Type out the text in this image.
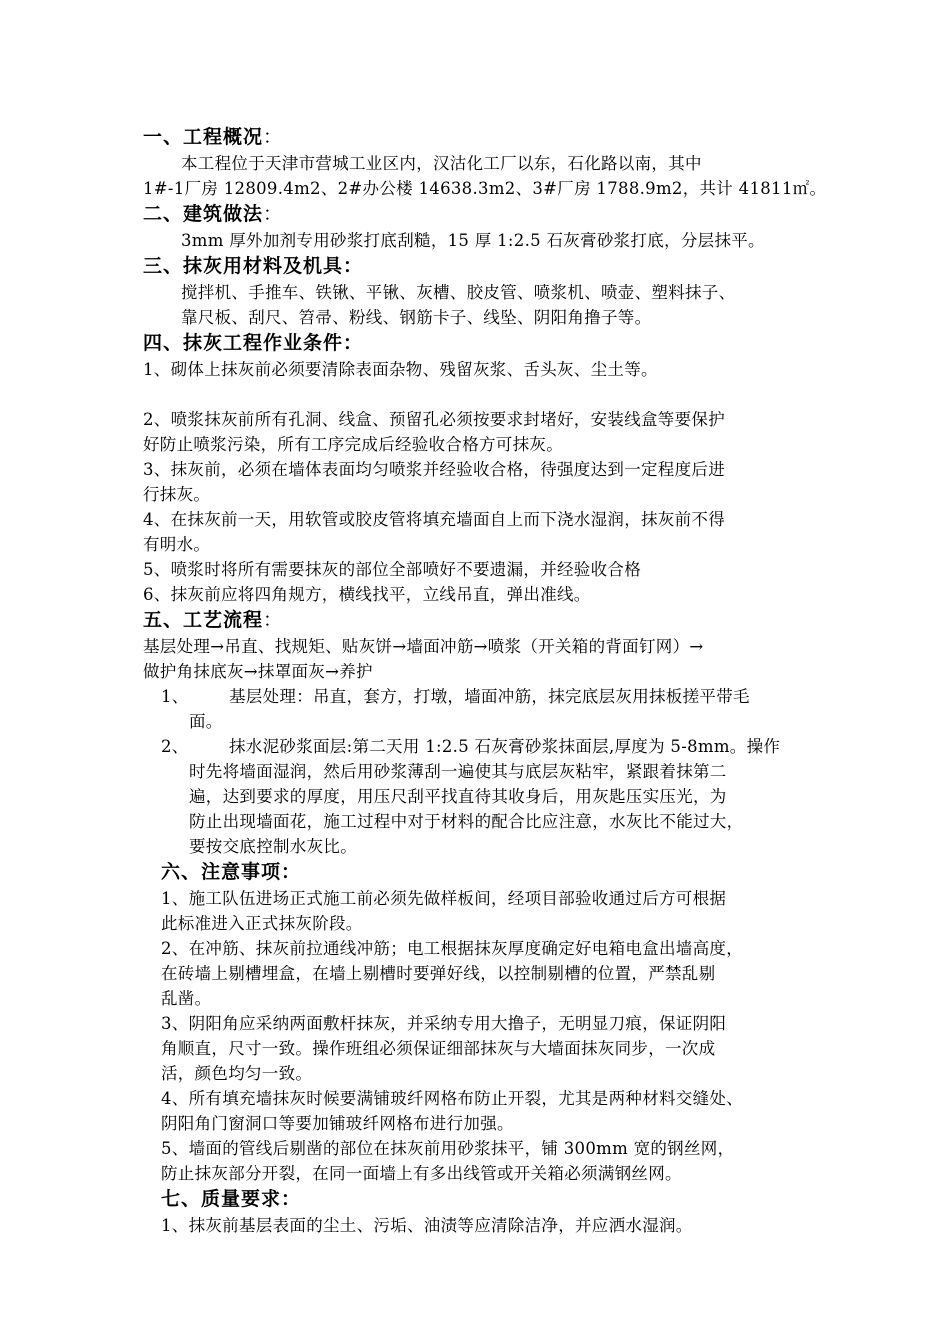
一、工程概况：
本工程位于天津市营城工业区内，汉沽化工厂以东，石化路以南，其中
1#-1厂房 12809.4m2、2#办公楼 14638.3m2、3#厂房 1788.9m2，共计 41811㎡。
二、建筑做法：
3mm 厚外加剂专用砂浆打底刮糙，15 厚 1:2.5 石灰膏砂浆打底，分层抹平。
三、抹灰用材料及机具：
搅拌机、手推车、铁锹、平锹、灰槽、胶皮管、喷浆机、喷壶、塑料抹子、
靠尺板、刮尺、笤帚、粉线、钢筋卡子、线坠、阴阳角撸子等。
四、抹灰工程作业条件：
1、砌体上抹灰前必须要清除表面杂物、残留灰浆、舌头灰、尘土等。
2、喷浆抹灰前所有孔洞、线盒、预留孔必须按要求封堵好，安装线盒等要保护
好防止喷浆污染，所有工序完成后经验收合格方可抹灰。
3、抹灰前，必须在墙体表面均匀喷浆并经验收合格，待强度达到一定程度后进
行抹灰。
4、在抹灰前一天，用软管或胶皮管将填充墙面自上而下浇水湿润，抹灰前不得
有明水。
5、喷浆时将所有需要抹灰的部位全部喷好不要遗漏，并经验收合格
6、抹灰前应将四角规方，横线找平，立线吊直，弹出准线。
五、工艺流程：
基层处理→吊直、找规矩、贴灰饼→墙面冲筋→喷浆（开关箱的背面钉网）→
做护角抹底灰→抹罩面灰→养护
1、	基层处理：吊直，套方，打墩，墙面冲筋，抹完底层灰用抹板搓平带毛
面。
2、	抹水泥砂浆面层:第二天用 1:2.5 石灰膏砂浆抹面层,厚度为 5-8mm。操作
时先将墙面湿润，然后用砂浆薄刮一遍使其与底层灰粘牢，紧跟着抹第二
遍，达到要求的厚度，用压尺刮平找直待其收身后，用灰匙压实压光，为
防止出现墙面花，施工过程中对于材料的配合比应注意，水灰比不能过大，
要按交底控制水灰比。
六、注意事项：
1、施工队伍进场正式施工前必须先做样板间，经项目部验收通过后方可根据
此标准进入正式抹灰阶段。
2、在冲筋、抹灰前拉通线冲筋；电工根据抹灰厚度确定好电箱电盒出墙高度，
在砖墙上剔槽埋盒，在墙上剔槽时要弹好线，以控制剔槽的位置，严禁乱剔
乱凿。
3、阴阳角应采纳两面敷杆抹灰，并采纳专用大撸子，无明显刀痕，保证阴阳
角顺直，尺寸一致。操作班组必须保证细部抹灰与大墙面抹灰同步，一次成
活，颜色均匀一致。
4、所有填充墙抹灰时候要满铺玻纤网格布防止开裂，尤其是两种材料交缝处、
阴阳角门窗洞口等要加铺玻纤网格布进行加强。
5、墙面的管线后剔凿的部位在抹灰前用砂浆抹平，铺 300mm 宽的钢丝网，
防止抹灰部分开裂，在同一面墙上有多出线管或开关箱必须满钢丝网。
七、质量要求：
1、抹灰前基层表面的尘土、污垢、油渍等应清除洁净，并应洒水湿润。
